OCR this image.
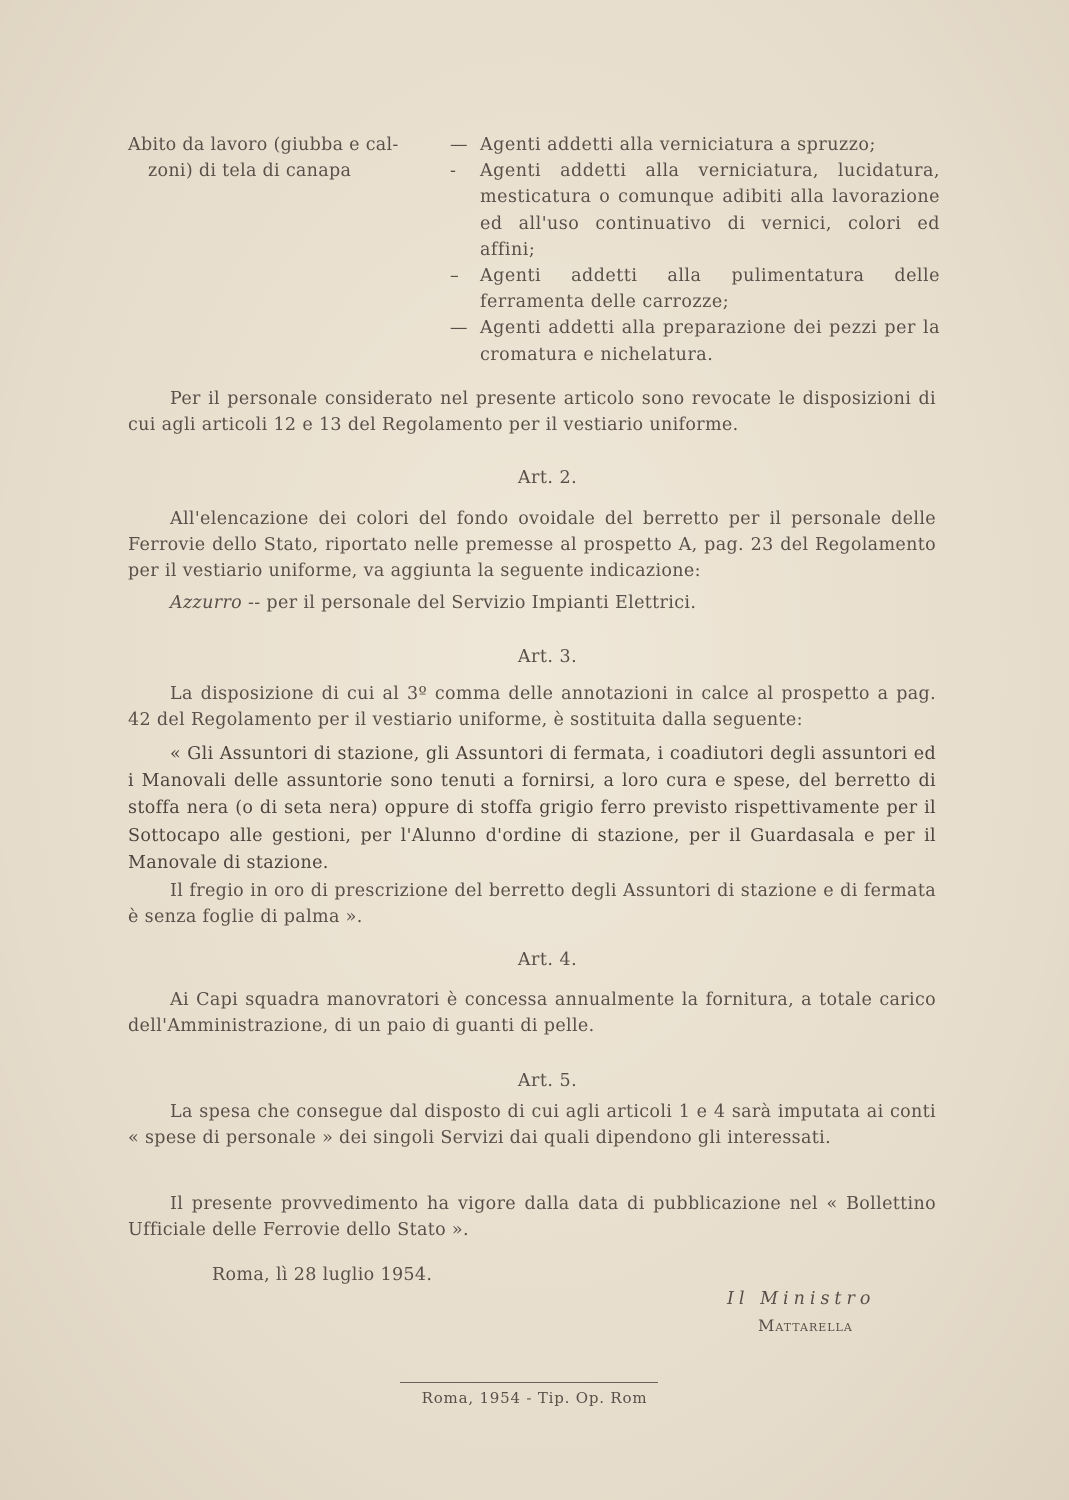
Abito da lavoro (giubba e cal-
zoni) di tela di canapa
— Agenti addetti alla verniciatura a spruzzo;
- Agenti addetti alla verniciatura, lucidatura, mesticatura o comunque adibiti alla lavorazione ed all'uso continuativo di vernici, colori ed affini;
– Agenti addetti alla pulimentatura delle ferramenta delle carrozze;
— Agenti addetti alla preparazione dei pezzi per la cromatura e nichelatura.
Per il personale considerato nel presente articolo sono revocate le disposizioni di cui agli articoli 12 e 13 del Regolamento per il vestiario uniforme.
Art. 2.
All'elencazione dei colori del fondo ovoidale del berretto per il personale delle Ferrovie dello Stato, riportato nelle premesse al prospetto A, pag. 23 del Regolamento per il vestiario uniforme, va aggiunta la seguente indicazione:
Azzurro -- per il personale del Servizio Impianti Elettrici.
Art. 3.
La disposizione di cui al 3º comma delle annotazioni in calce al prospetto a pag. 42 del Regolamento per il vestiario uniforme, è sostituita dalla seguente:
« Gli Assuntori di stazione, gli Assuntori di fermata, i coadiutori degli assuntori ed i Manovali delle assuntorie sono tenuti a fornirsi, a loro cura e spese, del berretto di stoffa nera (o di seta nera) oppure di stoffa grigio ferro previsto rispettivamente per il Sottocapo alle gestioni, per l'Alunno d'ordine di stazione, per il Guardasala e per il Manovale di stazione.
Il fregio in oro di prescrizione del berretto degli Assuntori di stazione e di fermata è senza foglie di palma ».
Art. 4.
Ai Capi squadra manovratori è concessa annualmente la fornitura, a totale carico dell'Amministrazione, di un paio di guanti di pelle.
Art. 5.
La spesa che consegue dal disposto di cui agli articoli 1 e 4 sarà imputata ai conti « spese di personale » dei singoli Servizi dai quali dipendono gli interessati.
Il presente provvedimento ha vigore dalla data di pubblicazione nel « Bollettino Ufficiale delle Ferrovie dello Stato ».
Roma, lì 28 luglio 1954.
Il Ministro
Mattarella
Roma, 1954 - Tip. Op. Rom
